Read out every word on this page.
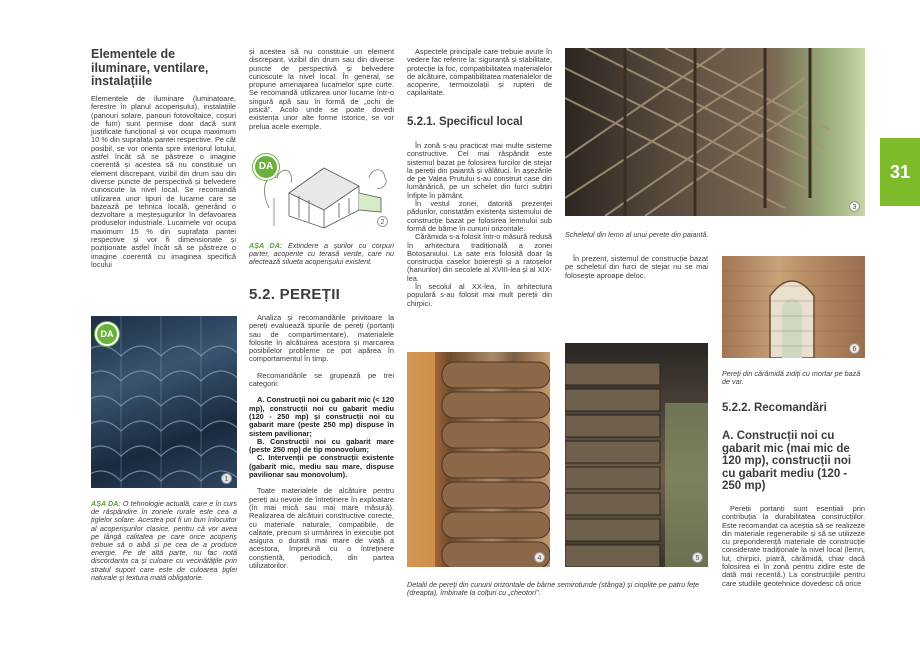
31
Elementele de iluminare, ventilare, instalațiile
Elementele de iluminare (luminatoare, ferestre în planul acoperișului), instalațiile (panouri solare, panouri fotovoltaice, coșuri de fum) sunt permise doar dacă sunt justificate funcțional și vor ocupa maximum 10 % din suprafața pantei respective. Pe cât posibil, se vor orienta spre interiorul lotului, astfel încât să se păstreze o imagine coerentă și acestea să nu constituie un element discrepant, vizibil din drum sau din diverse puncte de perspectivă și belvedere cunoscute la nivel local. Se recomandă utilizarea unor tipuri de lucarne care se bazează pe tehnica locală, generând o dezvoltare a meșteșugurilor în defavoarea produselor industriale. Lucarnele vor ocupa maximum 15 % din suprafața pantei respective și vor fi dimensionate și poziționate astfel încât să se păstreze o imagine coerentă cu imaginea specifică locului
DA
1
AȘA DA: O tehnologie actuală, care e în curs de răspândire în zonele rurale este cea a țiglelor solare. Acestea pot fi un bun înlocuitor al acoperișurilor clasice, pentru că vor avea pe lângă calitatea pe care orice acoperiș trebuie să o aibă și pe cea de a produce energie. Pe de altă parte, nu fac notă discordanta ca și culoare cu vecinătățile prin stratul suport care este de culoarea țiglei naturale și textura mată obligatorie.
și acestea să nu constituie un element discrepant, vizibil din drum sau din diverse puncte de perspectivă și belvedere cunoscute la nivel local. În general, se propune amenajarea lucarnelor spre curte. Se recomandă utilizarea unor lucarne într-o singură apă sau în formă de „ochi de pisică". Acolo unde se poate dovedi existența unor alte forme istorice, se vor prelua acele exemple.
DA
2
AȘA DA: Extindere a șurilor cu corpuri parter, acoperite cu terasă verde, care nu afectează silueta acoperișului existent.
5.2. PEREȚII

Analiza și recomandările privitoare la pereți evaluează tipurile de pereți (portanți sau de compartimentare), materialele folosite în alcătuirea acestora și marcarea posibilelor probleme ce pot apărea în comportamentul în timp.

Recomandările se grupează pe trei categorii:

A. Construcții noi cu gabarit mic (< 120 mp), construcții noi cu gabarit mediu (120 - 250 mp) și construcții noi cu gabarit mare (peste 250 mp) dispuse în sistem pavilionar;

B. Construcții noi cu gabarit mare (peste 250 mp) de tip monovolum;

C. Intervenții pe construcții existente (gabarit mic, mediu sau mare, dispuse pavilionar sau monovolum).

Toate materialele de alcătuire pentru pereți au nevoie de întreținere în exploatare (în mai mică sau mai mare măsură). Realizarea de alcătuiri constructive corecte, cu materiale naturale, compatibile, de calitate, precum și urmărirea în execuție pot asigura o durată mai mare de viață a acestora, împreună cu o întreținere conștientă, periodică, din partea utilizatorilor.

Aspectele principale care trebuie avute în vedere fac referire la: siguranță și stabilitate, protecție la foc, compatibilitatea materialelor de alcătuire, compatibilitatea materialelor de acoperire, termoizolații și rupteri de capilaritate.

5.2.1. Specificul local

În zonă s-au practicat mai multe sisteme constructive. Cel mai răspândit este sistemul bazat pe folosirea furcilor de stejar la pereții din paiantă și vălătuci. În așezările de pe Valea Prutului s-au construit case din lumânărică, pe un schelet din furci subțiri înfipte în pământ.

În vestul zonei, datorită prezenței pădurilor, constatăm existența sistemului de construcție bazat pe folosirea lemnului sub formă de bârne în cununi orizontale.

Cărămida s-a folosit într-o măsură redusă în arhitectura tradițională a zonei Botoșaniului. La sate era folosită doar la construcția caselor boierești și a ratoșelor (hanurilor) din secolele al XVIII-lea și al XIX-lea.

În secolul al XX-lea, în arhitectura populară s-au folosit mai mult pereții din chirpici.

4
3
Scheletul din lemn al unui perete din paiantă.

În prezent, sistemul de construcție bazat pe scheletul din furci de stejar nu se mai folosește aproape deloc.

5
Detalii de pereți din cununi orizontale de bârne semirotunde (stânga) și cioplite pe patru fețe (dreapta), îmbinate la colțuri cu „cheotori".
6
Pereți din cărămidă zidiți cu mortar pe bază de var.
5.2.2. Recomandări
A. Construcții noi cu gabarit mic (mai mic de 120 mp), construcții noi cu gabarit mediu (120 - 250 mp)

Pereții portanți sunt esențiali prin contribuția la durabilitatea construcțiilor. Este recomandat ca aceștia să se realizeze din materiale regenerabile și să se utilizeze cu preponderență materiale de construcție considerate tradiționale la nivel local (lemn, lut, chirpici, piatră, cărămidă, chiar dacă folosirea ei în zonă pentru zidire este de dată mai recentă.) La construcțiile pentru care studiile geotehnice dovedesc că orice
